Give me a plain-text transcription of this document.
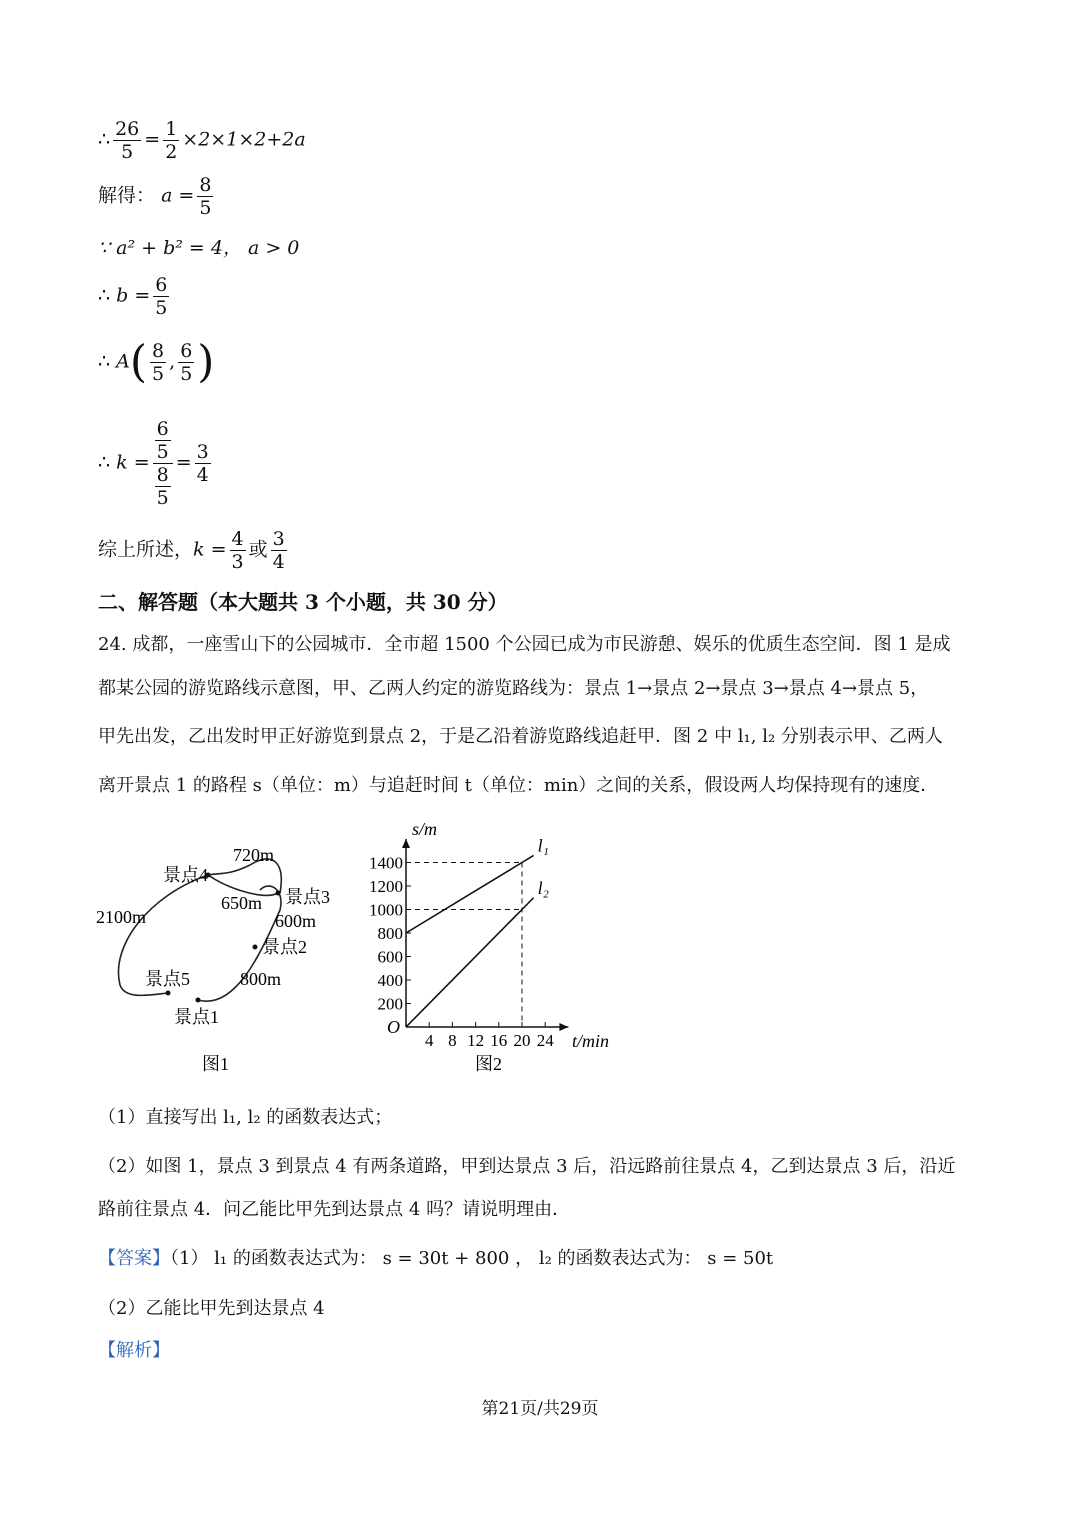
∴ $\frac{26}{5} = \frac{1}{2} \times 2\times 1\times 2+2a$
解得： $a = \frac{8}{5}$
∵ a² + b² = 4， a > 0
∴ $b = \frac{6}{5}$
∴ $A( \frac{8}{5}$ , $\frac{6}{5}$ )
∴ $k = \frac{\frac{6}{5}}{\frac{8}{5}} = \frac{3}{4}$
综上所述，$k = \frac{4}{3}$ 或 $\frac{3}{4}$
二、解答题（本大题共 3 个小题，共 30 分）
24. 成都，一座雪山下的公园城市．全市超 1500 个公园已成为市民游憩、娱乐的优质生态空间．图 1 是成
都某公园的游览路线示意图，甲、乙两人约定的游览路线为：景点 1→景点 2→景点 3→景点 4→景点 5，
甲先出发，乙出发时甲正好游览到景点 2，于是乙沿着游览路线追赶甲．图 2 中 l₁, l₂ 分别表示甲、乙两人
离开景点 1 的路程 s（单位：m）与追赶时间 t（单位：min）之间的关系，假设两人均保持现有的速度．
景点1
景点2
景点3
景点4
景点5	800m
600m
650m
720m
2100m
图1
4 8 12 16 20 24
200
400
600
800
1000
1200
1400
l₁
l₂
s/m
t/min
O
图2
（1）直接写出 l₁, l₂ 的函数表达式；
（2）如图 1，景点 3 到景点 4 有两条道路，甲到达景点 3 后，沿远路前往景点 4，乙到达景点 3 后，沿近
路前往景点 4．问乙能比甲先到达景点 4 吗？请说明理由．
【答案】（1） l₁ 的函数表达式为： s = 30t + 800 ， l₂ 的函数表达式为： s = 50t
（2）乙能比甲先到达景点 4
【解析】
第21页/共29页
